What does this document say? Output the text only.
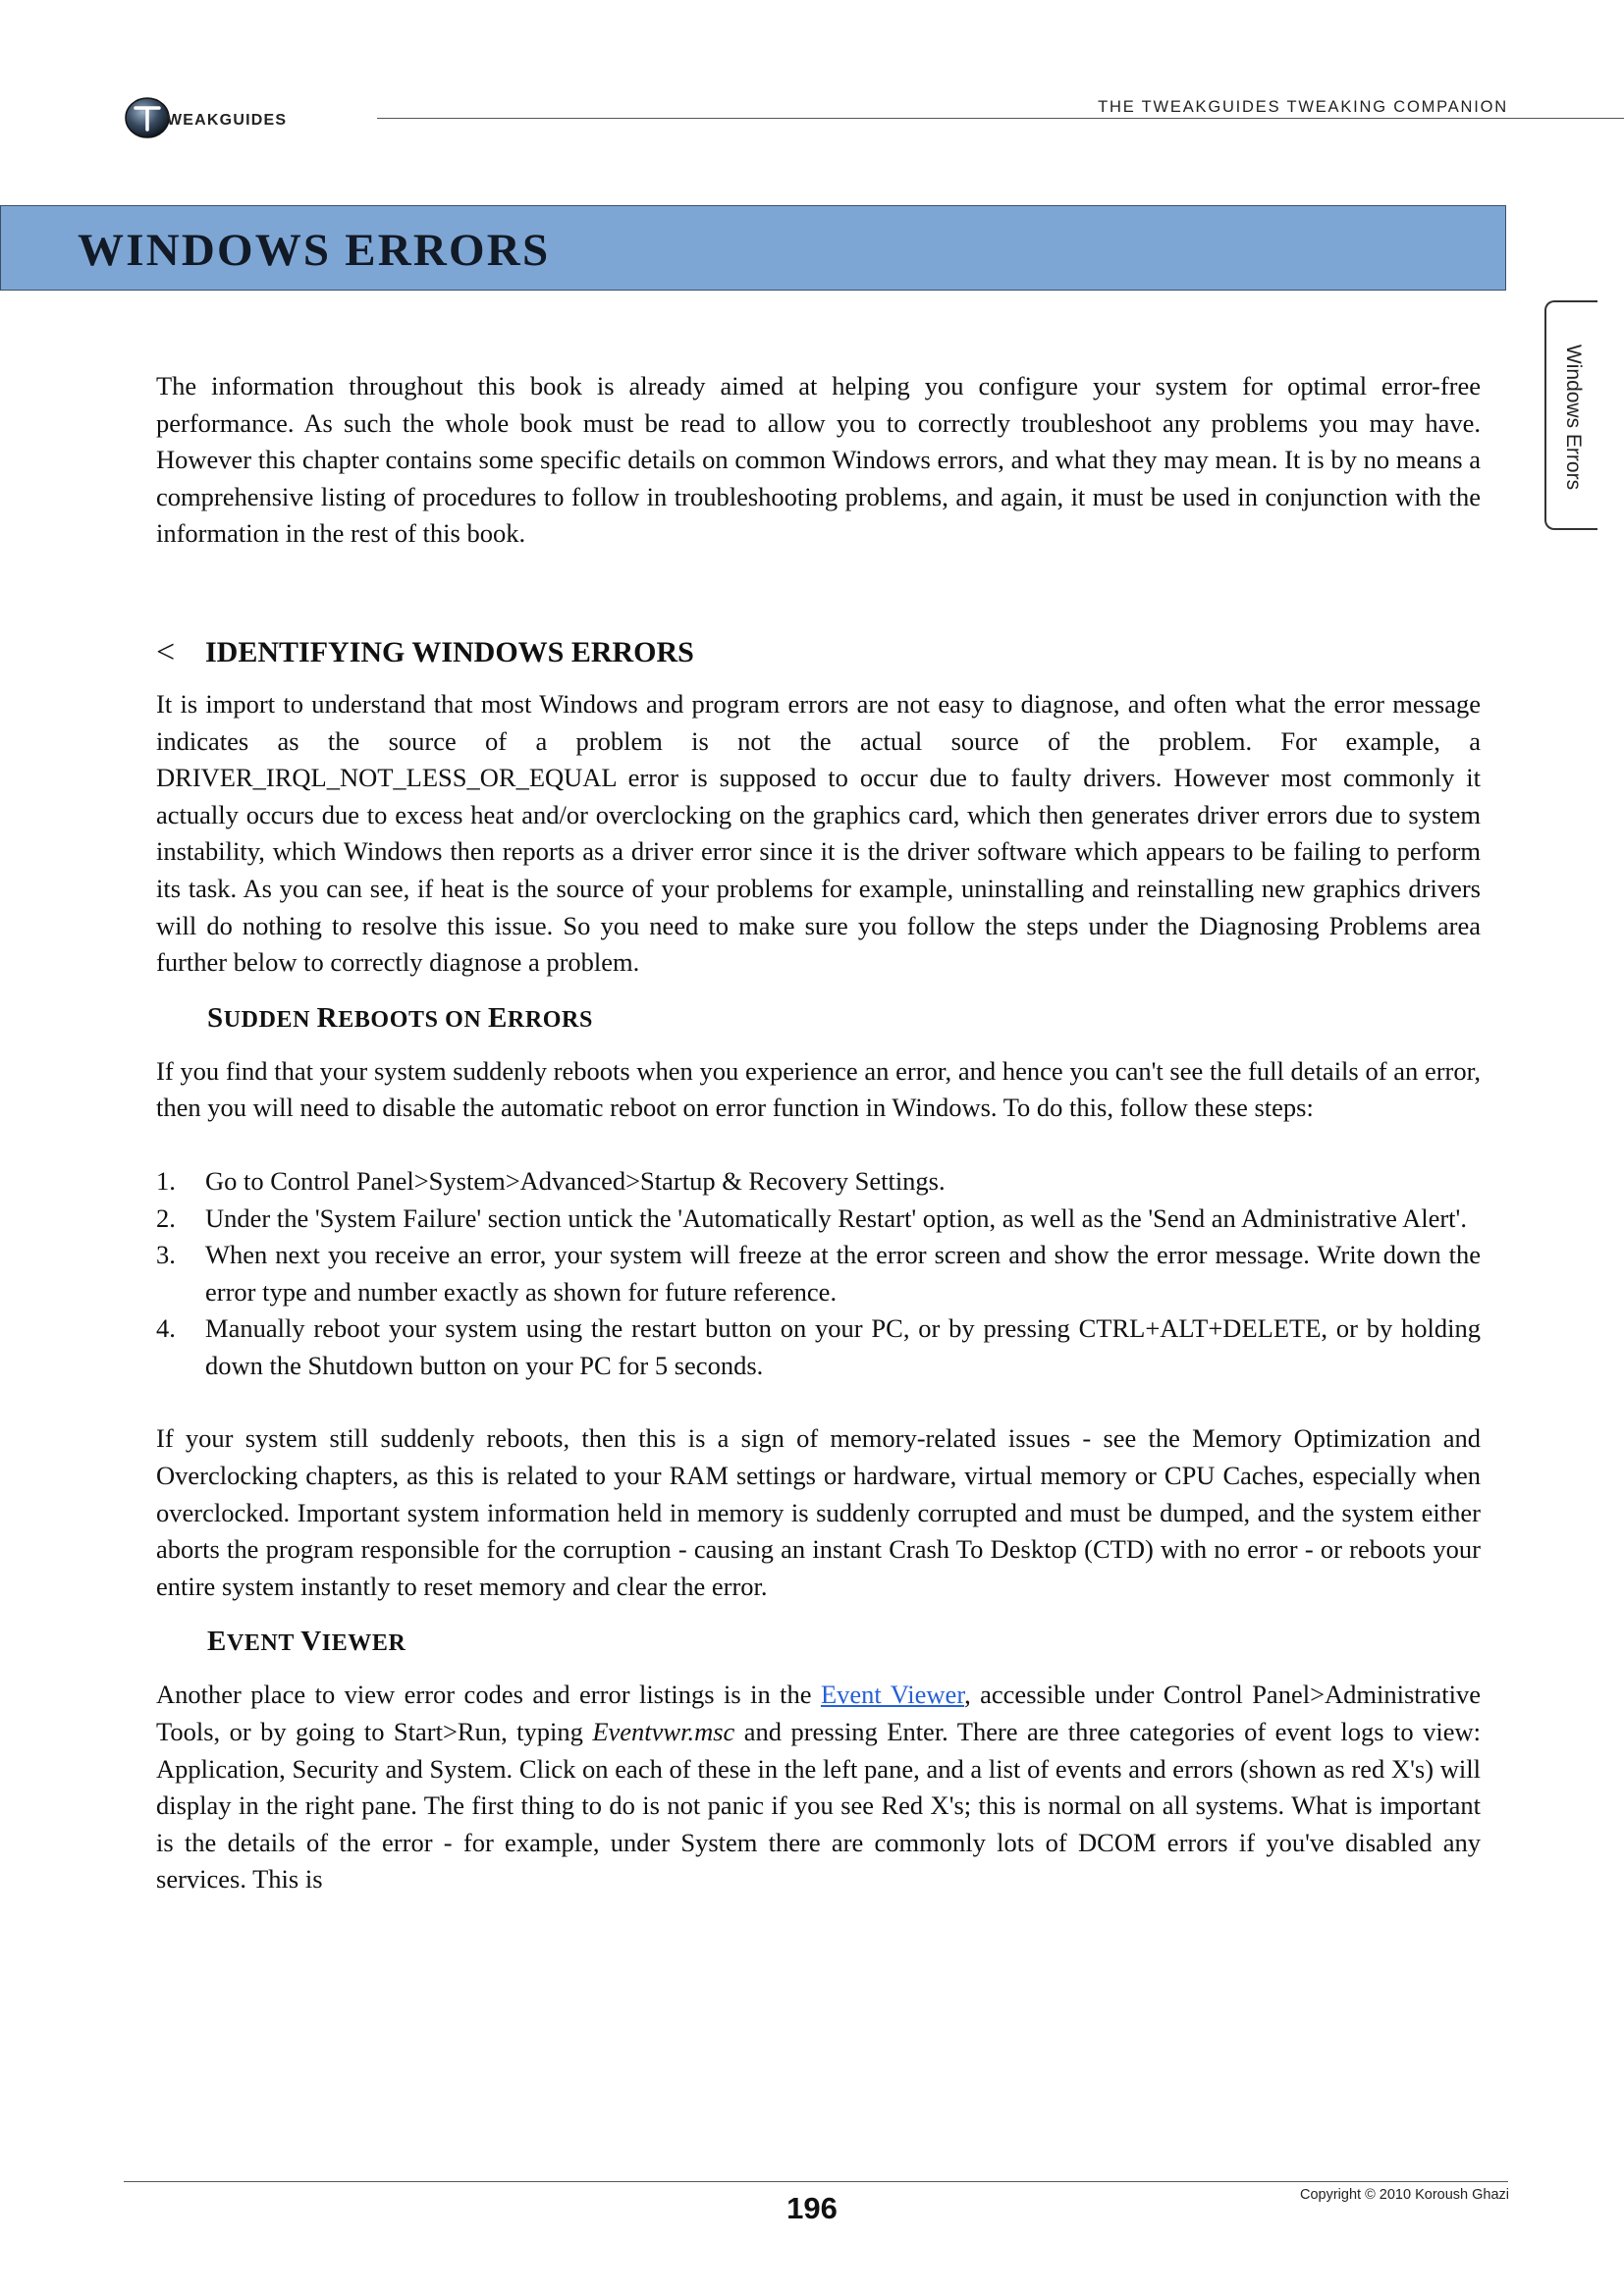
WEAKGUIDES
THE TWEAKGUIDES TWEAKING COMPANION
WINDOWS ERRORS
Windows Errors

The information throughout this book is already aimed at helping you configure your system for optimal error-free performance. As such the whole book must be read to allow you to correctly troubleshoot any problems you may have. However this chapter contains some specific details on common Windows errors, and what they may mean. It is by no means a comprehensive listing of procedures to follow in troubleshooting problems, and again, it must be used in conjunction with the information in the rest of this book.

<	IDENTIFYING WINDOWS ERRORS

It is import to understand that most Windows and program errors are not easy to diagnose, and often what the error message indicates as the source of a problem is not the actual source of the problem. For example, a DRIVER_IRQL_NOT_LESS_OR_EQUAL error is supposed to occur due to faulty drivers. However most commonly it actually occurs due to excess heat and/or overclocking on the graphics card, which then generates driver errors due to system instability, which Windows then reports as a driver error since it is the driver software which appears to be failing to perform its task. As you can see, if heat is the source of your problems for example, uninstalling and reinstalling new graphics drivers will do nothing to resolve this issue. So you need to make sure you follow the steps under the Diagnosing Problems area further below to correctly diagnose a problem.

SUDDEN REBOOTS ON ERRORS

If you find that your system suddenly reboots when you experience an error, and hence you can't see the full details of an error, then you will need to disable the automatic reboot on error function in Windows. To do this, follow these steps:

1. Go to Control Panel>System>Advanced>Startup & Recovery Settings.
2. Under the 'System Failure' section untick the 'Automatically Restart' option, as well as the 'Send an Administrative Alert'.
3. When next you receive an error, your system will freeze at the error screen and show the error message. Write down the error type and number exactly as shown for future reference.
4. Manually reboot your system using the restart button on your PC, or by pressing CTRL+ALT+DELETE, or by holding down the Shutdown button on your PC for 5 seconds.

If your system still suddenly reboots, then this is a sign of memory-related issues - see the Memory Optimization and Overclocking chapters, as this is related to your RAM settings or hardware, virtual memory or CPU Caches, especially when overclocked. Important system information held in memory is suddenly corrupted and must be dumped, and the system either aborts the program responsible for the corruption - causing an instant Crash To Desktop (CTD) with no error - or reboots your entire system instantly to reset memory and clear the error.

EVENT VIEWER

Another place to view error codes and error listings is in the Event Viewer, accessible under Control Panel>Administrative Tools, or by going to Start>Run, typing Eventvwr.msc and pressing Enter. There are three categories of event logs to view: Application, Security and System. Click on each of these in the left pane, and a list of events and errors (shown as red X's) will display in the right pane. The first thing to do is not panic if you see Red X's; this is normal on all systems. What is important is the details of the error - for example, under System there are commonly lots of DCOM errors if you've disabled any services. This is

196	Copyright © 2010 Koroush Ghazi
